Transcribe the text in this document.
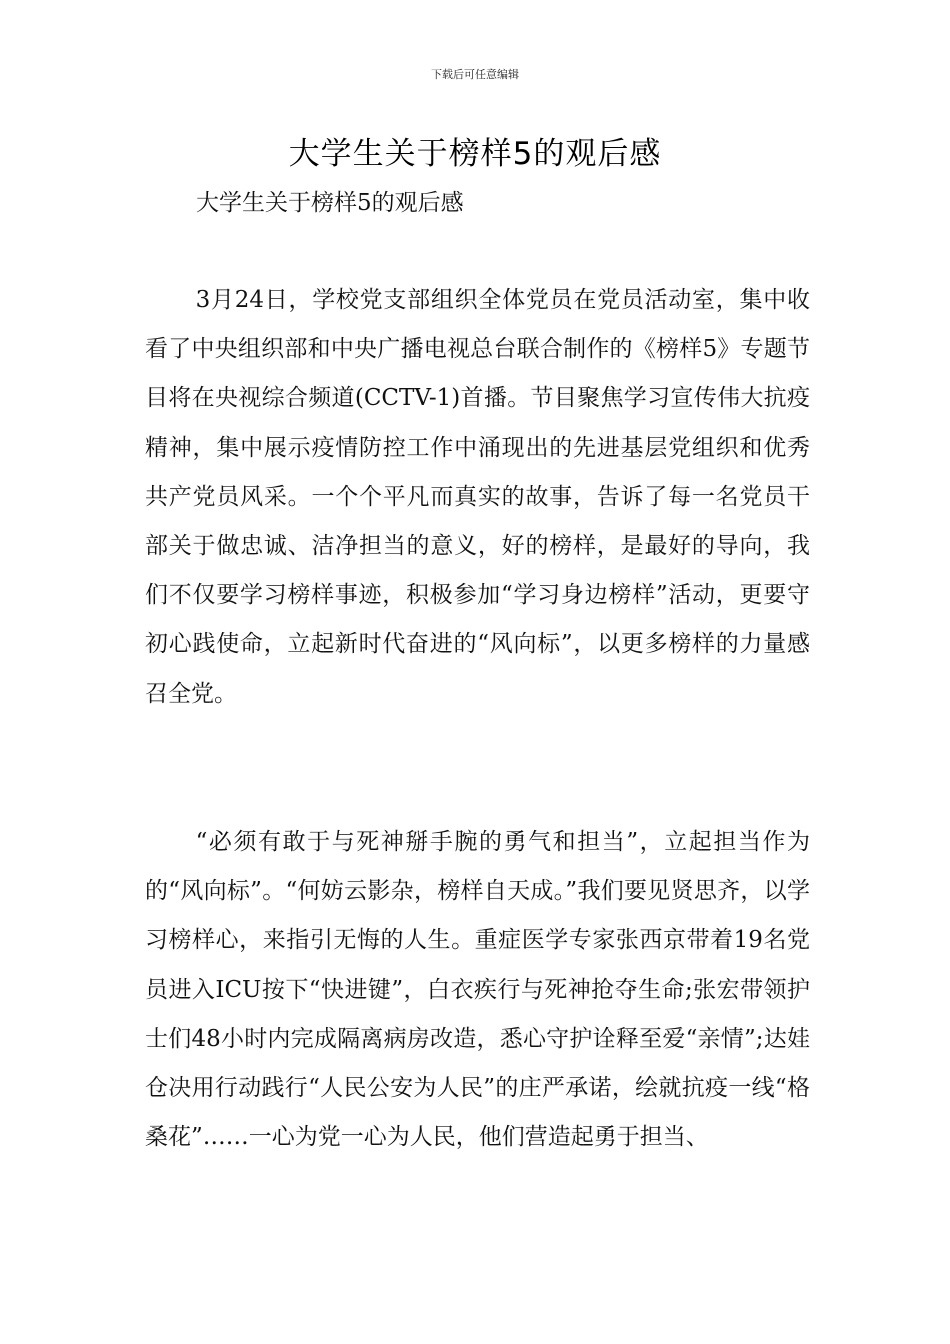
下载后可任意编辑
大学生关于榜样5的观后感
大学生关于榜样5的观后感

3月24日，学校党支部组织全体党员在党员活动室，集中收看了中央组织部和中央广播电视总台联合制作的《榜样5》专题节目将在央视综合频道(CCTV-1)首播。节目聚焦学习宣传伟大抗疫精神，集中展示疫情防控工作中涌现出的先进基层党组织和优秀共产党员风采。一个个平凡而真实的故事，告诉了每一名党员干部关于做忠诚、洁净担当的意义，好的榜样，是最好的导向，我们不仅要学习榜样事迹，积极参加“学习身边榜样”活动，更要守初心践使命，立起新时代奋进的“风向标”，以更多榜样的力量感召全党。

“必须有敢于与死神掰手腕的勇气和担当”，立起担当作为的“风向标”。“何妨云影杂，榜样自天成。”我们要见贤思齐，以学习榜样心，来指引无悔的人生。重症医学专家张西京带着19名党员进入ICU按下“快进键”，白衣疾行与死神抢夺生命;张宏带领护士们48小时内完成隔离病房改造，悉心守护诠释至爱“亲情”;达娃仓决用行动践行“人民公安为人民”的庄严承诺，绘就抗疫一线“格桑花”……一心为党一心为人民，他们营造起勇于担当、
